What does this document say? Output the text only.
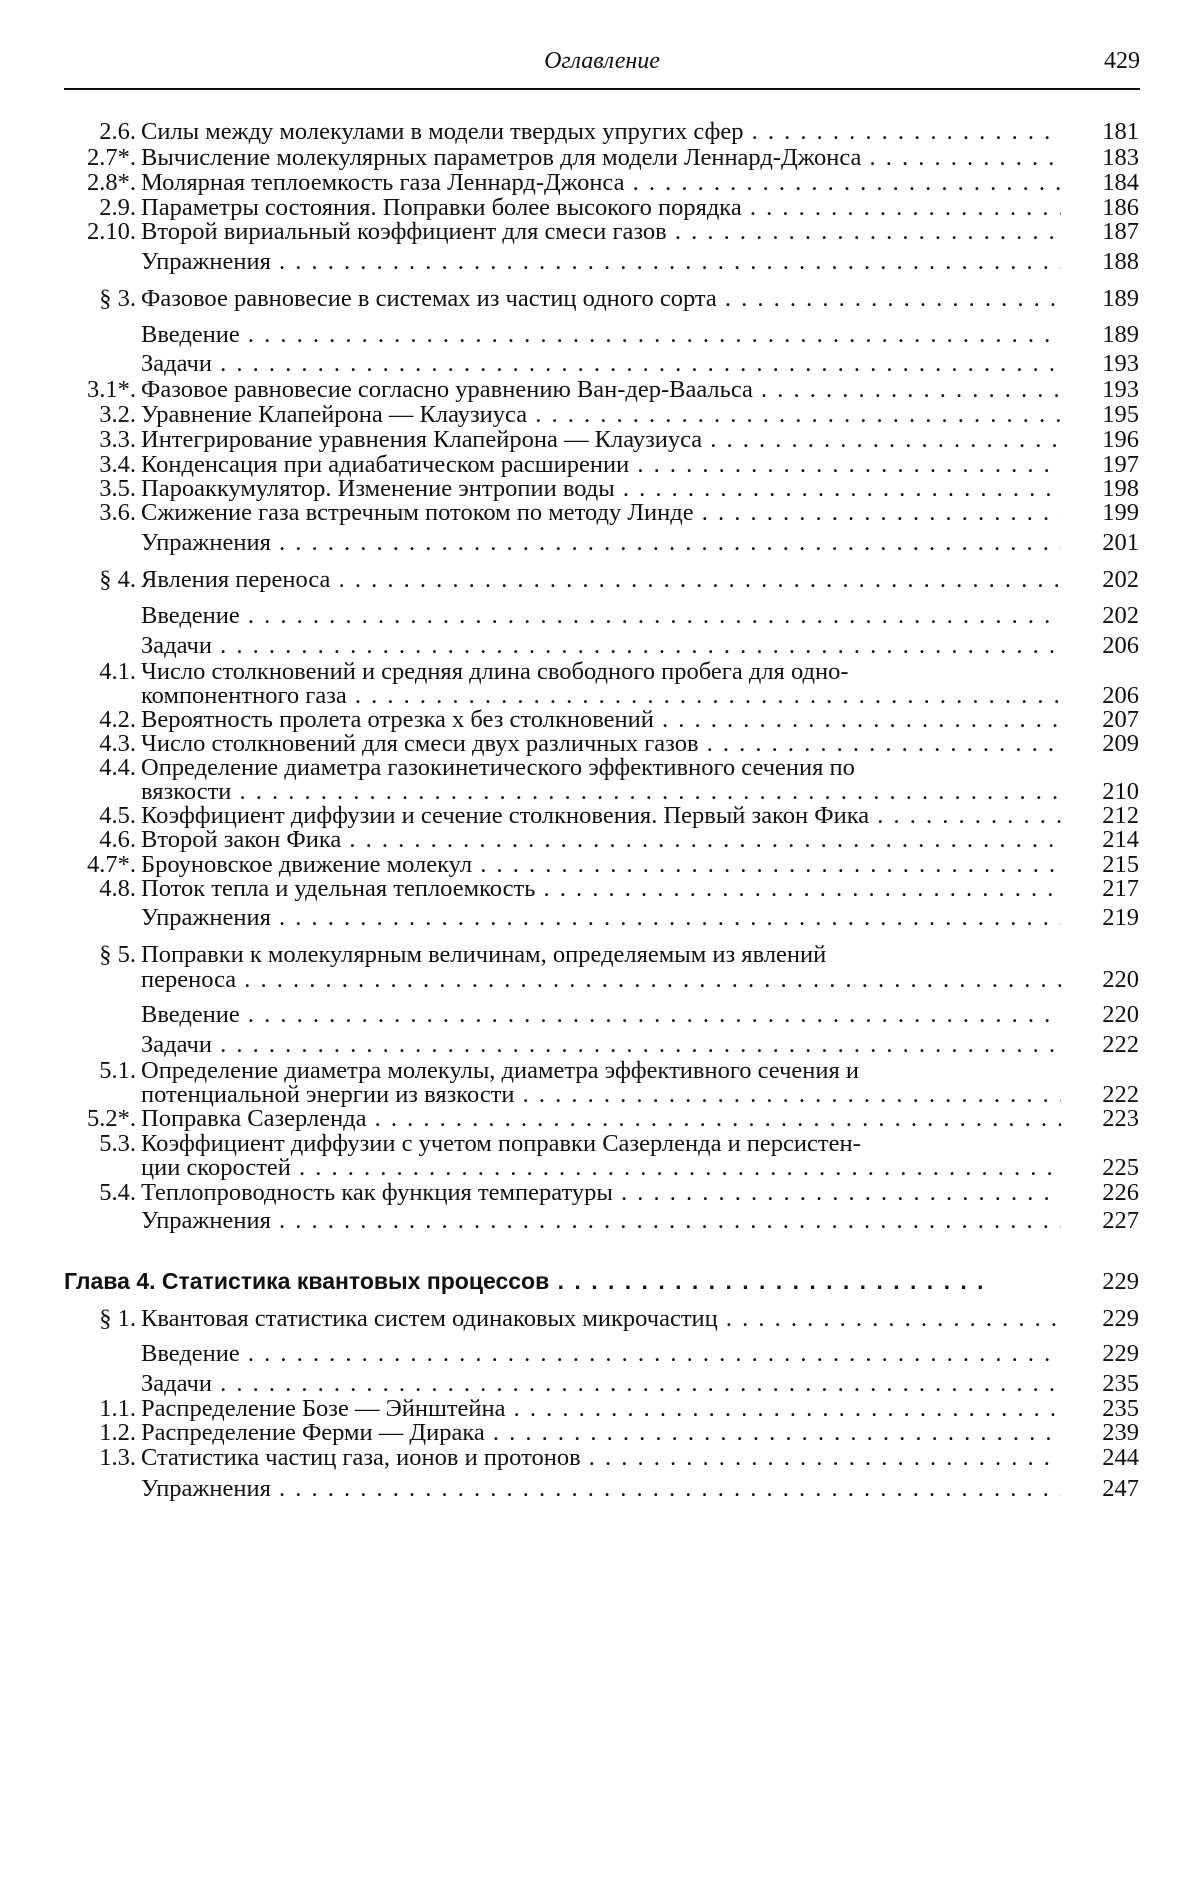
Оглавление	429
2.6. Силы между молекулами в модели твердых упругих сфер . . .	181
2.7*. Вычисление молекулярных параметров для модели Леннард-Джонса . . .	183
2.8*. Молярная теплоемкость газа Леннард-Джонса . . .	184
2.9. Параметры состояния. Поправки более высокого порядка . . .	186
2.10. Второй вириальный коэффициент для смеси газов . . .	187
Упражнения . . .	188
§ 3. Фазовое равновесие в системах из частиц одного сорта . . .	189
Введение . . .	189
Задачи . . .	193
3.1*. Фазовое равновесие согласно уравнению Ван-дер-Ваальса . . .	193
3.2. Уравнение Клапейрона — Клаузиуса . . .	195
3.3. Интегрирование уравнения Клапейрона — Клаузиуса . . .	196
3.4. Конденсация при адиабатическом расширении . . .	197
3.5. Пароаккумулятор. Изменение энтропии воды . . .	198
3.6. Сжижение газа встречным потоком по методу Линде . . .	199
Упражнения . . .	201
§ 4. Явления переноса . . .	202
Введение . . .	202
Задачи . . .	206
4.1. Число столкновений и средняя длина свободного пробега для одно-
компонентного газа . . .	206
4.2. Вероятность пролета отрезка x без столкновений . . .	207
4.3. Число столкновений для смеси двух различных газов . . .	209
4.4. Определение диаметра газокинетического эффективного сечения по
вязкости . . .	210
4.5. Коэффициент диффузии и сечение столкновения. Первый закон Фика . . .	212
4.6. Второй закон Фика . . .	214
4.7*. Броуновское движение молекул . . .	215
4.8. Поток тепла и удельная теплоемкость . . .	217
Упражнения . . .	219
§ 5. Поправки к молекулярным величинам, определяемым из явлений
переноса . . .	220
Введение . . .	220
Задачи . . .	222
5.1. Определение диаметра молекулы, диаметра эффективного сечения и
потенциальной энергии из вязкости . . .	222
5.2*. Поправка Сазерленда . . .	223
5.3. Коэффициент диффузии с учетом поправки Сазерленда и персистен-
ции скоростей . . .	225
5.4. Теплопроводность как функция температуры . . .	226
Упражнения . . .	227
Глава 4. Статистика квантовых процессов . . .	229
§ 1. Квантовая статистика систем одинаковых микрочастиц . . .	229
Введение . . .	229
Задачи . . .	235
1.1. Распределение Бозе — Эйнштейна . . .	235
1.2. Распределение Ферми — Дирака . . .	239
1.3. Статистика частиц газа, ионов и протонов . . .	244
Упражнения . . .	247
